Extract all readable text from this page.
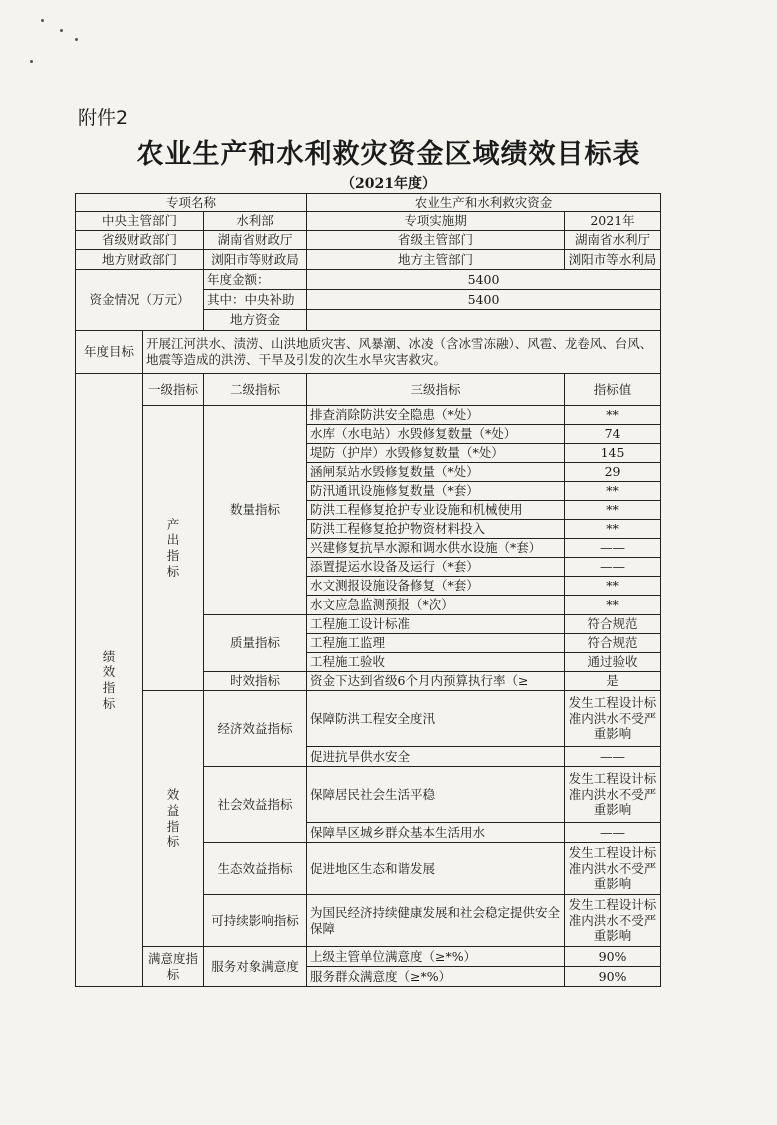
附件2
农业生产和水利救灾资金区域绩效目标表
（2021年度）
专项名称			农业生产和水利救灾资金	
中央主管部门		水利部	专项实施期	2021年
省级财政部门		湖南省财政厅	省级主管部门	湖南省水利厅
地方财政部门		浏阳市等财政局	地方主管部门	浏阳市等水利局
资金情况（万元）		年度金额：	5400	
		其中：中央补助	5400	
		地方资金		
年度目标	开展江河洪水、渍涝、山洪地质灾害、风暴潮、冰凌（含冰雪冻融）、风雹、龙卷风、台风、地震等造成的洪涝、干旱及引发的次生水旱灾害救灾。			

绩
效
指
标	一级指标	二级指标	三级指标	指标值

	产
出
指
标	数量指标	排查消除防洪安全隐患（*处）	**
			水库（水电站）水毁修复数量（*处）	74
			堤防（护岸）水毁修复数量（*处）	145
			涵闸泵站水毁修复数量（*处）	29
			防汛通讯设施修复数量（*套）	**
			防洪工程修复抢护专业设施和机械使用	**
			防洪工程修复抢护物资材料投入	**
			兴建修复抗旱水源和调水供水设施（*套）	——
			添置提运水设备及运行（*套）	——
			水文测报设施设备修复（*套）	**
			水文应急监测预报（*次）	**
		质量指标	工程施工设计标准	符合规范
			工程施工监理	符合规范
			工程施工验收	通过验收
		时效指标	资金下达到省级6个月内预算执行率（≥	是

	效
益
指
标	经济效益指标	保障防洪工程安全度汛	发生工程设计标准内洪水不受严重影响
			促进抗旱供水安全	——
		社会效益指标	保障居民社会生活平稳	发生工程设计标准内洪水不受严重影响
			保障旱区城乡群众基本生活用水	——
		生态效益指标	促进地区生态和谐发展	发生工程设计标准内洪水不受严重影响
		可持续影响指标	为国民经济持续健康发展和社会稳定提供安全保障	发生工程设计标准内洪水不受严重影响
	满意度指标	服务对象满意度	上级主管单位满意度（≥*%）	90%
			服务群众满意度（≥*%）	90%
